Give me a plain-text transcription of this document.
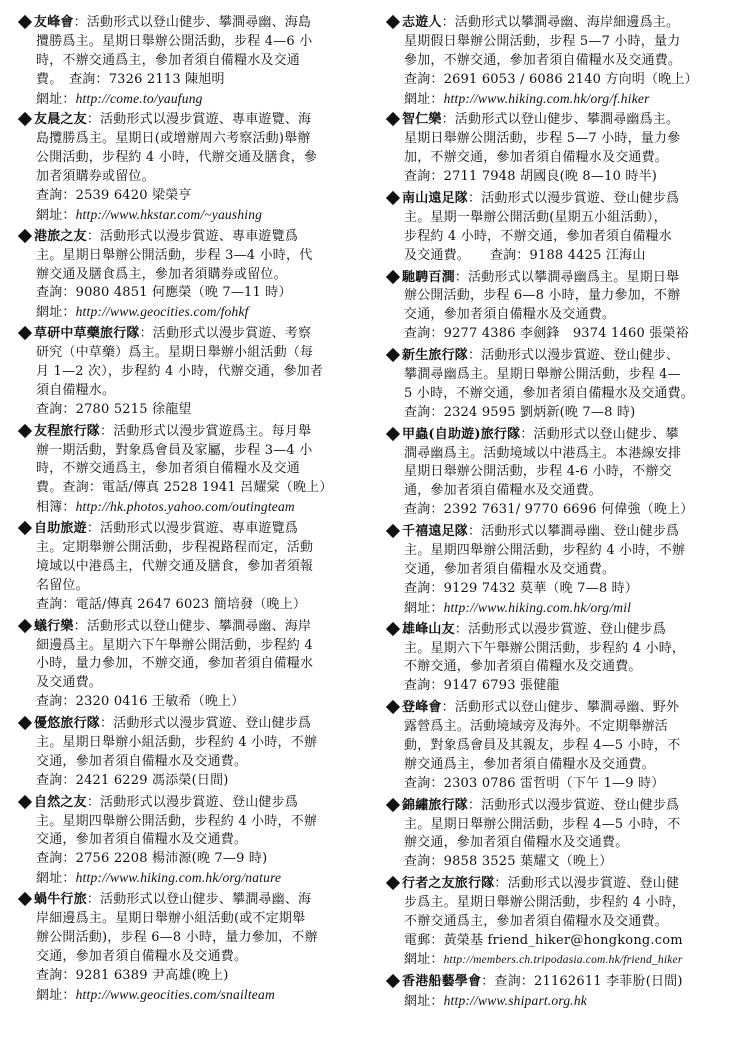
友峰會：活動形式以登山健步、攀澗尋幽、海島
攬勝爲主。星期日舉辦公開活動，步程 4—6 小
時，不辦交通爲主，參加者須自備糧水及交通
費。　查詢：7326 2113 陳旭明
網址：http://come.to/yaufung
友晨之友：活動形式以漫步賞遊、專車遊覽、海
島攬勝爲主。星期日(或增辦周六考察活動)舉辦
公開活動，步程約 4 小時，代辦交通及膳食，參
加者須購券或留位。
查詢：2539 6420 梁榮亨
網址：http://www.hkstar.com/~yaushing
港旅之友：活動形式以漫步賞遊、專車遊覽爲
主。星期日舉辦公開活動，步程 3—4 小時，代
辦交通及膳食爲主，參加者須購券或留位。
查詢：9080 4851 何應榮（晚 7—11 時）
網址：http://www.geocities.com/fohkf
草研中草藥旅行隊：活動形式以漫步賞遊、考察
研究（中草藥）爲主。星期日舉辦小組活動（每
月 1—2 次），步程約 4 小時，代辦交通，參加者
須自備糧水。
查詢：2780 5215 徐龍望
友程旅行隊：活動形式以漫步賞遊爲主。每月舉
辦一期活動，對象爲會員及家屬，步程 3—4 小
時，不辦交通爲主，參加者須自備糧水及交通
費。查詢：電話/傳真 2528 1941 呂耀棠（晚上）
相簿：http://hk.photos.yahoo.com/outingteam
自助旅遊：活動形式以漫步賞遊、專車遊覽爲
主。定期舉辦公開活動，步程視路程而定，活動
境域以中港爲主，代辦交通及膳食，參加者須報
名留位。
查詢：電話/傳真 2647 6023 簡培發（晚上）
蟻行樂：活動形式以登山健步、攀澗尋幽、海岸
細邊爲主。星期六下午舉辦公開活動，步程約 4
小時，量力參加，不辦交通，參加者須自備糧水
及交通費。
查詢：2320 0416 王敏希（晚上）
優悠旅行隊：活動形式以漫步賞遊、登山健步爲
主。星期日舉辦小組活動，步程約 4 小時，不辦
交通，參加者須自備糧水及交通費。
查詢：2421 6229 馮添榮(日間)
自然之友：活動形式以漫步賞遊、登山健步爲
主。星期四舉辦公開活動，步程約 4 小時，不辦
交通，參加者須自備糧水及交通費。
查詢：2756 2208 楊沛源(晚 7—9 時)
網址：http://www.hiking.com.hk/org/nature
蝸牛行旅：活動形式以登山健步、攀澗尋幽、海
岸細邊爲主。星期日舉辦小組活動(或不定期舉
辦公開活動)，步程 6—8 小時，量力參加，不辦
交通，參加者須自備糧水及交通費。
查詢：9281 6389 尹高雄(晚上)
網址：http://www.geocities.com/snailteam
志遊人：活動形式以攀澗尋幽、海岸細邊爲主。
星期假日舉辦公開活動，步程 5—7 小時，量力
參加，不辦交通，參加者須自備糧水及交通費。
查詢：2691 6053 / 6086 2140 方向明（晚上）
網址：http://www.hiking.com.hk/org/f.hiker
智仁樂：活動形式以登山健步、攀澗尋幽爲主。
星期日舉辦公開活動，步程 5—7 小時，量力參
加，不辦交通，參加者須自備糧水及交通費。
查詢：2711 7948 胡國良(晚 8—10 時半)
南山遠足隊：活動形式以漫步賞遊、登山健步爲
主。星期一舉辦公開活動(星期五小組活動），
步程約 4 小時，不辦交通，參加者須自備糧水
及交通費。　　查詢：9188 4425 江海山
馳騁百澗：活動形式以攀澗尋幽爲主。星期日舉
辦公開活動，步程 6—8 小時，量力參加，不辦
交通，參加者須自備糧水及交通費。
查詢：9277 4386 李劍鋒　9374 1460 張榮裕
新生旅行隊：活動形式以漫步賞遊、登山健步、
攀澗尋幽爲主。星期日舉辦公開活動，步程 4—
5 小時，不辦交通，參加者須自備糧水及交通費。
查詢：2324 9595 劉炳新(晚 7—8 時)
甲蟲(自助遊)旅行隊：活動形式以登山健步、攀
澗尋幽爲主。活動境域以中港爲主。本港線安排
星期日舉辦公開活動，步程 4-6 小時，不辦交
通，參加者須自備糧水及交通費。
查詢：2392 7631/ 9770 6696 何偉強（晚上）
千禧遠足隊：活動形式以攀澗尋幽、登山健步爲
主。星期四舉辦公開活動，步程約 4 小時，不辦
交通，參加者須自備糧水及交通費。
查詢：9129 7432 莫華（晚 7—8 時）
網址：http://www.hiking.com.hk/org/mil
雄峰山友：活動形式以漫步賞遊、登山健步爲
主。星期六下午舉辦公開活動，步程約 4 小時，
不辦交通，參加者須自備糧水及交通費。
查詢：9147 6793 張健龍
登峰會：活動形式以登山健步、攀澗尋幽、野外
露營爲主。活動境域旁及海外。不定期舉辦活
動，對象爲會員及其親友，步程 4—5 小時，不
辦交通爲主，參加者須自備糧水及交通費。
查詢：2303 0786 雷哲明（下午 1—9 時）
錦繡旅行隊：活動形式以漫步賞遊、登山健步爲
主。星期日舉辦公開活動，步程 4—5 小時，不
辦交通，參加者須自備糧水及交通費。
查詢：9858 3525 葉耀文（晚上）
行者之友旅行隊：活動形式以漫步賞遊、登山健
步爲主。星期日舉辦公開活動，步程約 4 小時，
不辦交通爲主，參加者須自備糧水及交通費。
電郵：黃榮基 friend_hiker@hongkong.com
網址：http://members.ch.tripodasia.com.hk/friend_hiker
香港船藝學會：查詢：21162611 李菲朌(日間)
網址：http://www.shipart.org.hk
